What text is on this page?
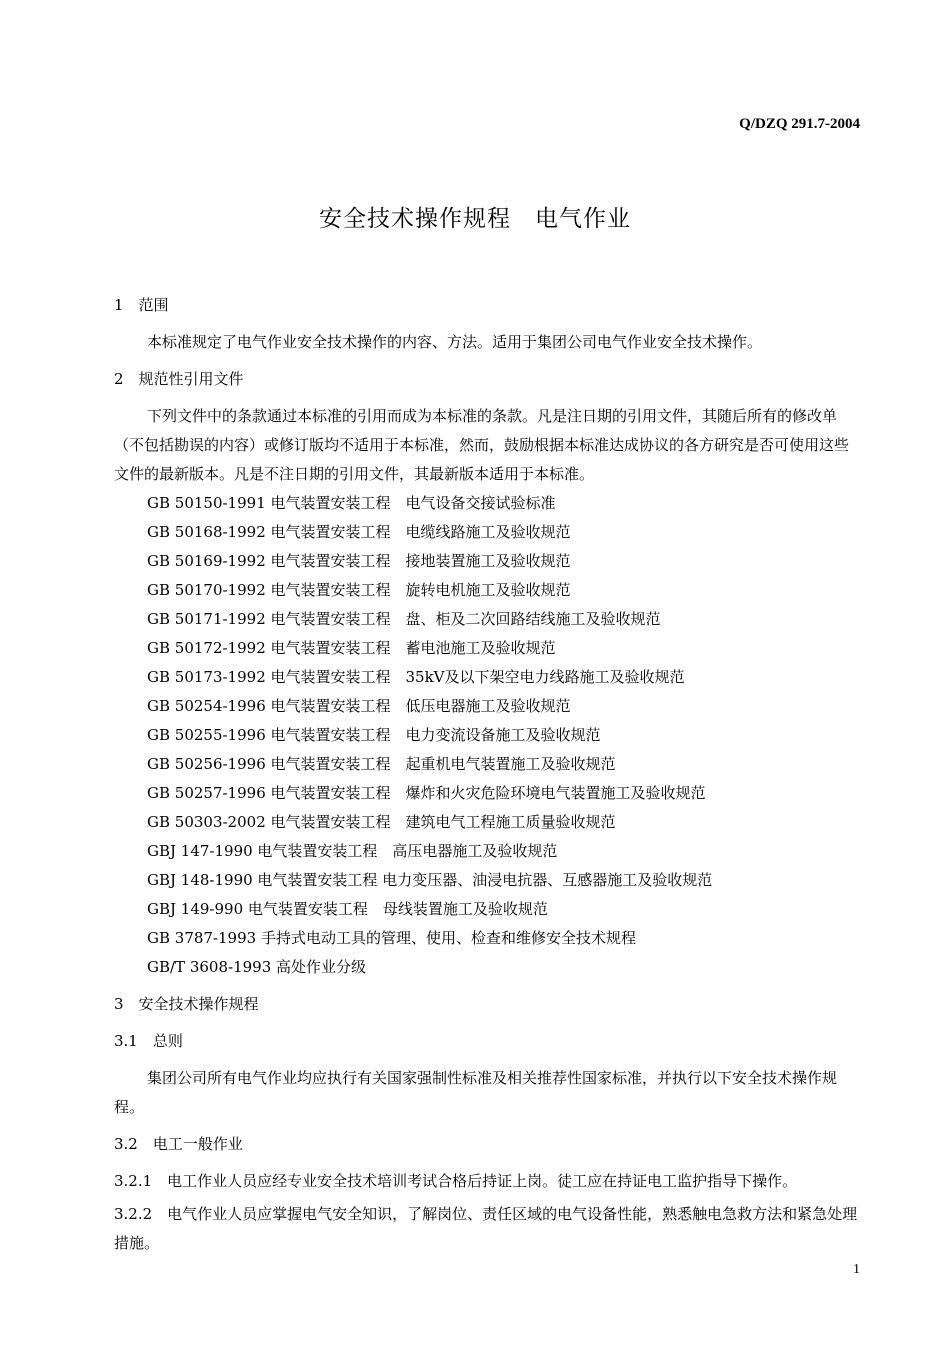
Q/DZQ 291.7-2004
安全技术操作规程　电气作业

1　范围

本标准规定了电气作业安全技术操作的内容、方法。适用于集团公司电气作业安全技术操作。

2　规范性引用文件

下列文件中的条款通过本标准的引用而成为本标准的条款。凡是注日期的引用文件，其随后所有的修改单（不包括勘误的内容）或修订版均不适用于本标准，然而，鼓励根据本标准达成协议的各方研究是否可使用这些文件的最新版本。凡是不注日期的引用文件，其最新版本适用于本标准。

GB 50150-1991 电气装置安装工程　电气设备交接试验标准
GB 50168-1992 电气装置安装工程　电缆线路施工及验收规范
GB 50169-1992 电气装置安装工程　接地装置施工及验收规范
GB 50170-1992 电气装置安装工程　旋转电机施工及验收规范
GB 50171-1992 电气装置安装工程　盘、柜及二次回路结线施工及验收规范
GB 50172-1992 电气装置安装工程　蓄电池施工及验收规范
GB 50173-1992 电气装置安装工程　35kV及以下架空电力线路施工及验收规范
GB 50254-1996 电气装置安装工程　低压电器施工及验收规范
GB 50255-1996 电气装置安装工程　电力变流设备施工及验收规范
GB 50256-1996 电气装置安装工程　起重机电气装置施工及验收规范
GB 50257-1996 电气装置安装工程　爆炸和火灾危险环境电气装置施工及验收规范
GB 50303-2002 电气装置安装工程　建筑电气工程施工质量验收规范
GBJ 147-1990 电气装置安装工程　高压电器施工及验收规范
GBJ 148-1990 电气装置安装工程 电力变压器、油浸电抗器、互感器施工及验收规范
GBJ 149-990 电气装置安装工程　母线装置施工及验收规范
GB 3787-1993 手持式电动工具的管理、使用、检查和维修安全技术规程
GB/T 3608-1993 高处作业分级

3　安全技术操作规程

3.1　总则

集团公司所有电气作业均应执行有关国家强制性标准及相关推荐性国家标准，并执行以下安全技术操作规程。

3.2　电工一般作业

3.2.1　电工作业人员应经专业安全技术培训考试合格后持证上岗。徒工应在持证电工监护指导下操作。

3.2.2　电气作业人员应掌握电气安全知识，了解岗位、责任区域的电气设备性能，熟悉触电急救方法和紧急处理措施。

1
